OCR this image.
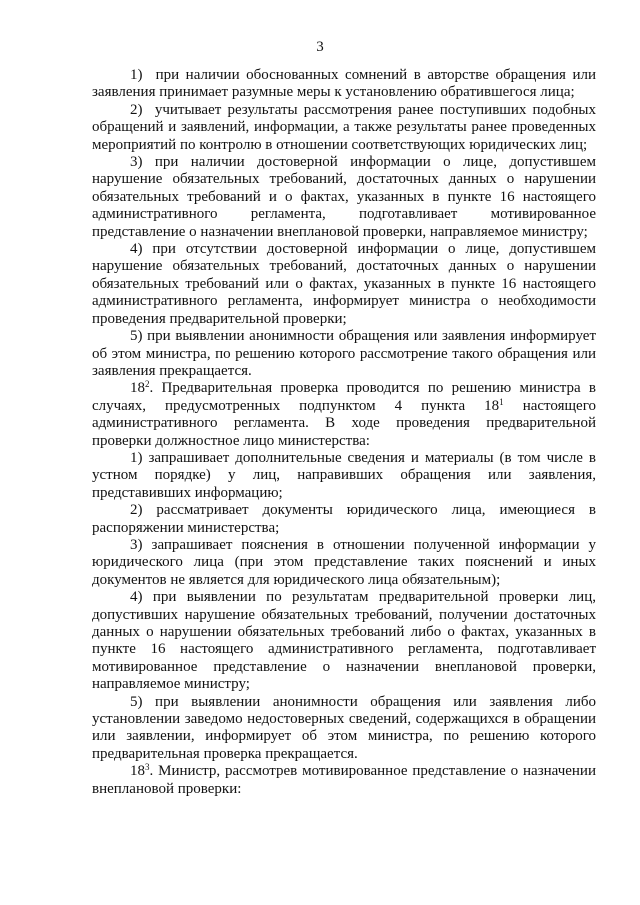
3

1)  при наличии обоснованных сомнений в авторстве обращения или заявления принимает разумные меры к установлению обратившегося лица;

2)  учитывает результаты рассмотрения ранее поступивших подобных обращений и заявлений, информации, а также результаты ранее проведенных мероприятий по контролю в отношении соответствующих юридических лиц;

3) при наличии достоверной информации о лице, допустившем нарушение обязательных требований, достаточных данных о нарушении обязательных требований и о фактах, указанных в пункте 16 настоящего административного регламента, подготавливает мотивированное представление о назначении внеплановой проверки, направляемое министру;

4) при отсутствии достоверной информации о лице, допустившем нарушение обязательных требований, достаточных данных о нарушении обязательных требований или о фактах, указанных в пункте 16 настоящего административного регламента, информирует министра о необходимости проведения предварительной проверки;

5) при выявлении анонимности обращения или заявления информирует об этом министра, по решению которого рассмотрение такого обращения или заявления прекращается.

$18^2$. Предварительная проверка проводится по решению министра в случаях, предусмотренных подпунктом 4 пункта $18^1$ настоящего административного регламента. В ходе проведения предварительной проверки должностное лицо министерства:

1) запрашивает дополнительные сведения и материалы (в том числе в устном порядке) у лиц, направивших обращения или заявления, представивших информацию;

2) рассматривает документы юридического лица, имеющиеся в распоряжении министерства;

3) запрашивает пояснения в отношении полученной информации у юридического лица (при этом представление таких пояснений и иных документов не является для юридического лица обязательным);

4) при выявлении по результатам предварительной проверки лиц, допустивших нарушение обязательных требований, получении достаточных данных о нарушении обязательных требований либо о фактах, указанных в пункте 16 настоящего административного регламента, подготавливает мотивированное представление о назначении внеплановой проверки, направляемое министру;

5) при выявлении анонимности обращения или заявления либо установлении заведомо недостоверных сведений, содержащихся в обращении или заявлении, информирует об этом министра, по решению которого предварительная проверка прекращается.

$18^3$. Министр, рассмотрев мотивированное представление о назначении внеплановой проверки:
